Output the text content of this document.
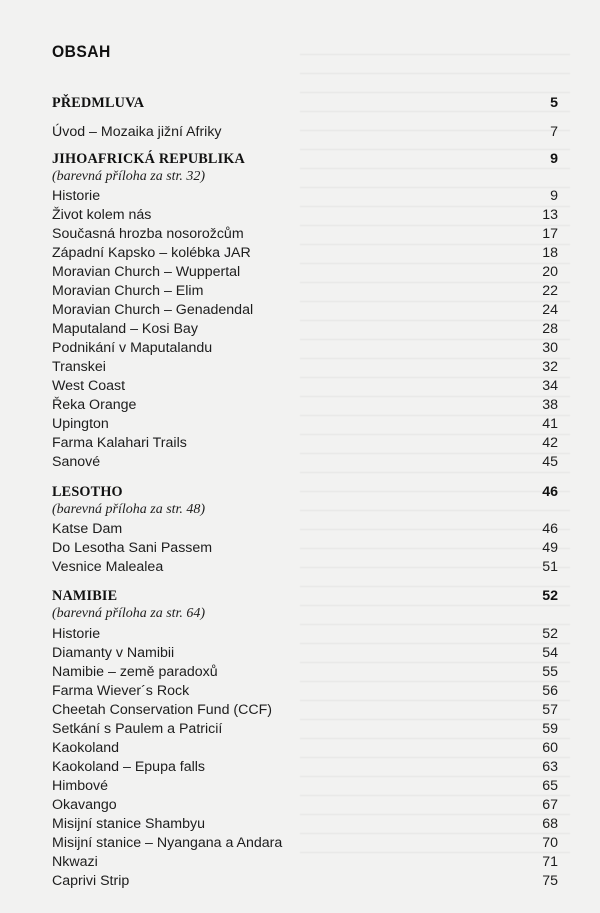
OBSAH
PŘEDMLUVA	5
Úvod – Mozaika jižní Afriky	7
JIHOAFRICKÁ REPUBLIKA	9
(barevná příloha za str. 32)
Historie	9
Život kolem nás	13
Současná hrozba nosorožcům	17
Západní Kapsko – kolébka JAR	18
Moravian Church – Wuppertal	20
Moravian Church – Elim	22
Moravian Church – Genadendal	24
Maputaland – Kosi Bay	28
Podnikání v Maputalandu	30
Transkei	32
West Coast	34
Řeka Orange	38
Upington	41
Farma Kalahari Trails	42
Sanové	45
LESOTHO	46
(barevná příloha za str. 48)
Katse Dam	46
Do Lesotha Sani Passem	49
Vesnice Malealea	51
NAMIBIE	52
(barevná příloha za str. 64)
Historie	52
Diamanty v Namibii	54
Namibie – země paradoxů	55
Farma Wiever´s Rock	56
Cheetah Conservation Fund (CCF)	57
Setkání s Paulem a Patricií	59
Kaokoland	60
Kaokoland – Epupa falls	63
Himbové	65
Okavango	67
Misijní stanice Shambyu	68
Misijní stanice – Nyangana a Andara	70
Nkwazi	71
Caprivi Strip	75
